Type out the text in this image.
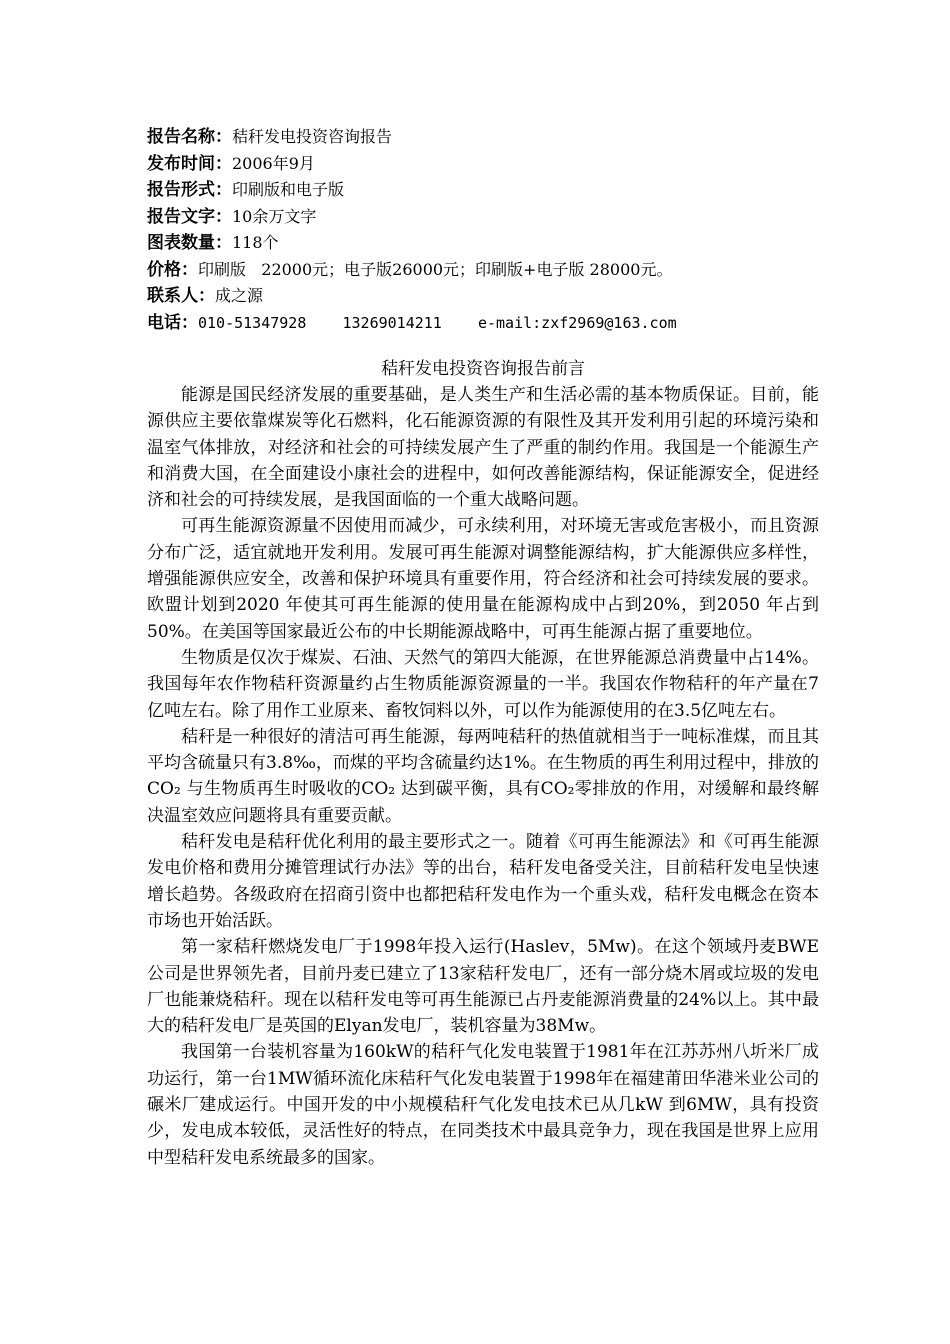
报告名称：秸秆发电投资咨询报告
发布时间：2006年9月
报告形式：印刷版和电子版
报告文字：10余万文字
图表数量：118个
价格：印刷版   22000元；电子版26000元；印刷版+电子版 28000元。
联系人：成之源
电话：010-51347928    13269014211    e-mail:zxf2969@163.com
秸秆发电投资咨询报告前言

能源是国民经济发展的重要基础，是人类生产和生活必需的基本物质保证。目前，能源供应主要依靠煤炭等化石燃料，化石能源资源的有限性及其开发利用引起的环境污染和温室气体排放，对经济和社会的可持续发展产生了严重的制约作用。我国是一个能源生产和消费大国，在全面建设小康社会的进程中，如何改善能源结构，保证能源安全，促进经济和社会的可持续发展，是我国面临的一个重大战略问题。

可再生能源资源量不因使用而减少，可永续利用，对环境无害或危害极小，而且资源分布广泛，适宜就地开发利用。发展可再生能源对调整能源结构，扩大能源供应多样性，增强能源供应安全，改善和保护环境具有重要作用，符合经济和社会可持续发展的要求。欧盟计划到2020 年使其可再生能源的使用量在能源构成中占到20%，到2050 年占到50%。在美国等国家最近公布的中长期能源战略中，可再生能源占据了重要地位。

生物质是仅次于煤炭、石油、天然气的第四大能源，在世界能源总消费量中占14%。我国每年农作物秸秆资源量约占生物质能源资源量的一半。我国农作物秸秆的年产量在7亿吨左右。除了用作工业原来、畜牧饲料以外，可以作为能源使用的在3.5亿吨左右。

秸秆是一种很好的清洁可再生能源，每两吨秸秆的热值就相当于一吨标准煤，而且其平均含硫量只有3.8‰，而煤的平均含硫量约达1%。在生物质的再生利用过程中，排放的CO₂ 与生物质再生时吸收的CO₂ 达到碳平衡，具有CO₂零排放的作用，对缓解和最终解决温室效应问题将具有重要贡献。

秸秆发电是秸秆优化利用的最主要形式之一。随着《可再生能源法》和《可再生能源发电价格和费用分摊管理试行办法》等的出台，秸秆发电备受关注，目前秸秆发电呈快速增长趋势。各级政府在招商引资中也都把秸秆发电作为一个重头戏，秸秆发电概念在资本市场也开始活跃。

第一家秸秆燃烧发电厂于1998年投入运行(Haslev，5Mw)。在这个领域丹麦BWE公司是世界领先者，目前丹麦已建立了13家秸秆发电厂，还有一部分烧木屑或垃圾的发电厂也能兼烧秸秆。现在以秸秆发电等可再生能源已占丹麦能源消费量的24%以上。其中最大的秸秆发电厂是英国的Elyan发电厂，装机容量为38Mw。

我国第一台装机容量为160kW的秸秆气化发电装置于1981年在江苏苏州八圻米厂成功运行，第一台1MW循环流化床秸秆气化发电装置于1998年在福建莆田华港米业公司的碾米厂建成运行。中国开发的中小规模秸秆气化发电技术已从几kW 到6MW，具有投资少，发电成本较低，灵活性好的特点，在同类技术中最具竞争力，现在我国是世界上应用中型秸秆发电系统最多的国家。
